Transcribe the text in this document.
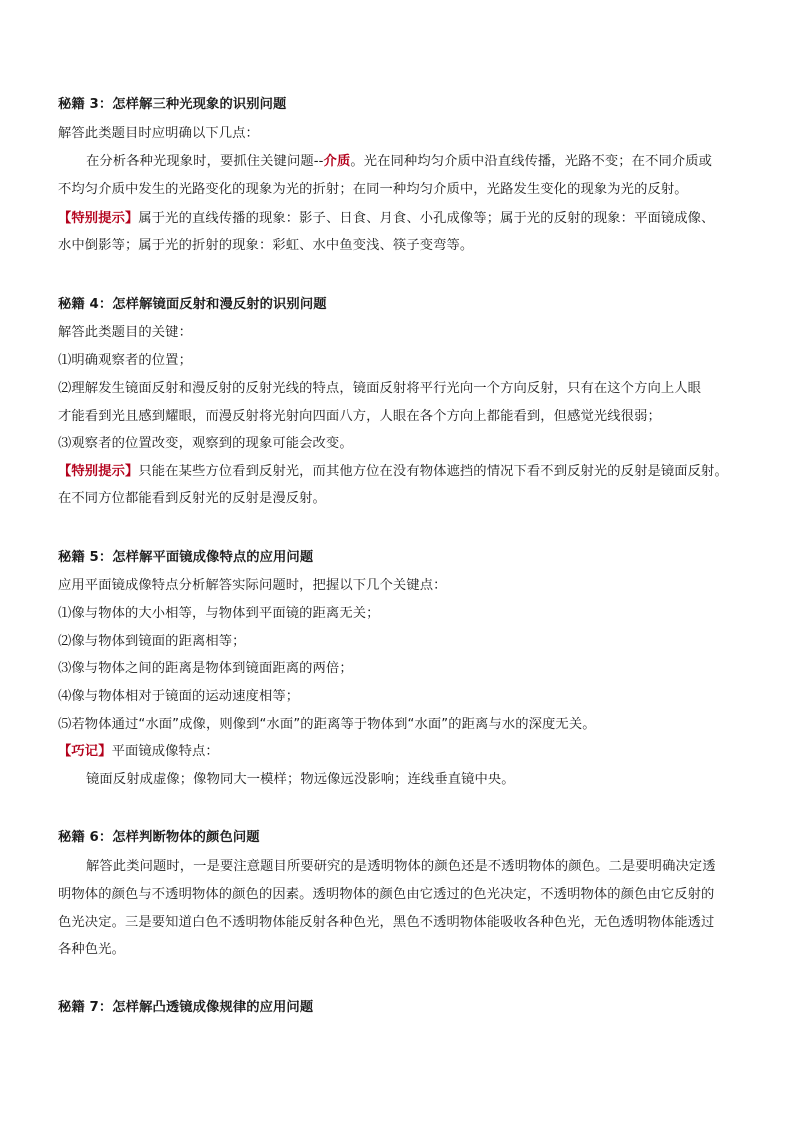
秘籍 3：怎样解三种光现象的识别问题
解答此类题目时应明确以下几点：
在分析各种光现象时，要抓住关键问题--介质。光在同种均匀介质中沿直线传播，光路不变；在不同介质或
不均匀介质中发生的光路变化的现象为光的折射；在同一种均匀介质中，光路发生变化的现象为光的反射。
【特别提示】属于光的直线传播的现象：影子、日食、月食、小孔成像等；属于光的反射的现象：平面镜成像、
水中倒影等；属于光的折射的现象：彩虹、水中鱼变浅、筷子变弯等。
秘籍 4：怎样解镜面反射和漫反射的识别问题
解答此类题目的关键：
⑴明确观察者的位置；
⑵理解发生镜面反射和漫反射的反射光线的特点，镜面反射将平行光向一个方向反射，只有在这个方向上人眼
才能看到光且感到耀眼，而漫反射将光射向四面八方，人眼在各个方向上都能看到，但感觉光线很弱；
⑶观察者的位置改变，观察到的现象可能会改变。
【特别提示】只能在某些方位看到反射光，而其他方位在没有物体遮挡的情况下看不到反射光的反射是镜面反射。
在不同方位都能看到反射光的反射是漫反射。
秘籍 5：怎样解平面镜成像特点的应用问题
应用平面镜成像特点分析解答实际问题时，把握以下几个关键点：
⑴像与物体的大小相等，与物体到平面镜的距离无关；
⑵像与物体到镜面的距离相等；
⑶像与物体之间的距离是物体到镜面距离的两倍；
⑷像与物体相对于镜面的运动速度相等；
⑸若物体通过“水面”成像，则像到“水面”的距离等于物体到“水面”的距离与水的深度无关。
【巧记】平面镜成像特点：
镜面反射成虚像；像物同大一模样；物远像远没影响；连线垂直镜中央。
秘籍 6：怎样判断物体的颜色问题
解答此类问题时，一是要注意题目所要研究的是透明物体的颜色还是不透明物体的颜色。二是要明确决定透
明物体的颜色与不透明物体的颜色的因素。透明物体的颜色由它透过的色光决定，不透明物体的颜色由它反射的
色光决定。三是要知道白色不透明物体能反射各种色光，黑色不透明物体能吸收各种色光，无色透明物体能透过
各种色光。
秘籍 7：怎样解凸透镜成像规律的应用问题
